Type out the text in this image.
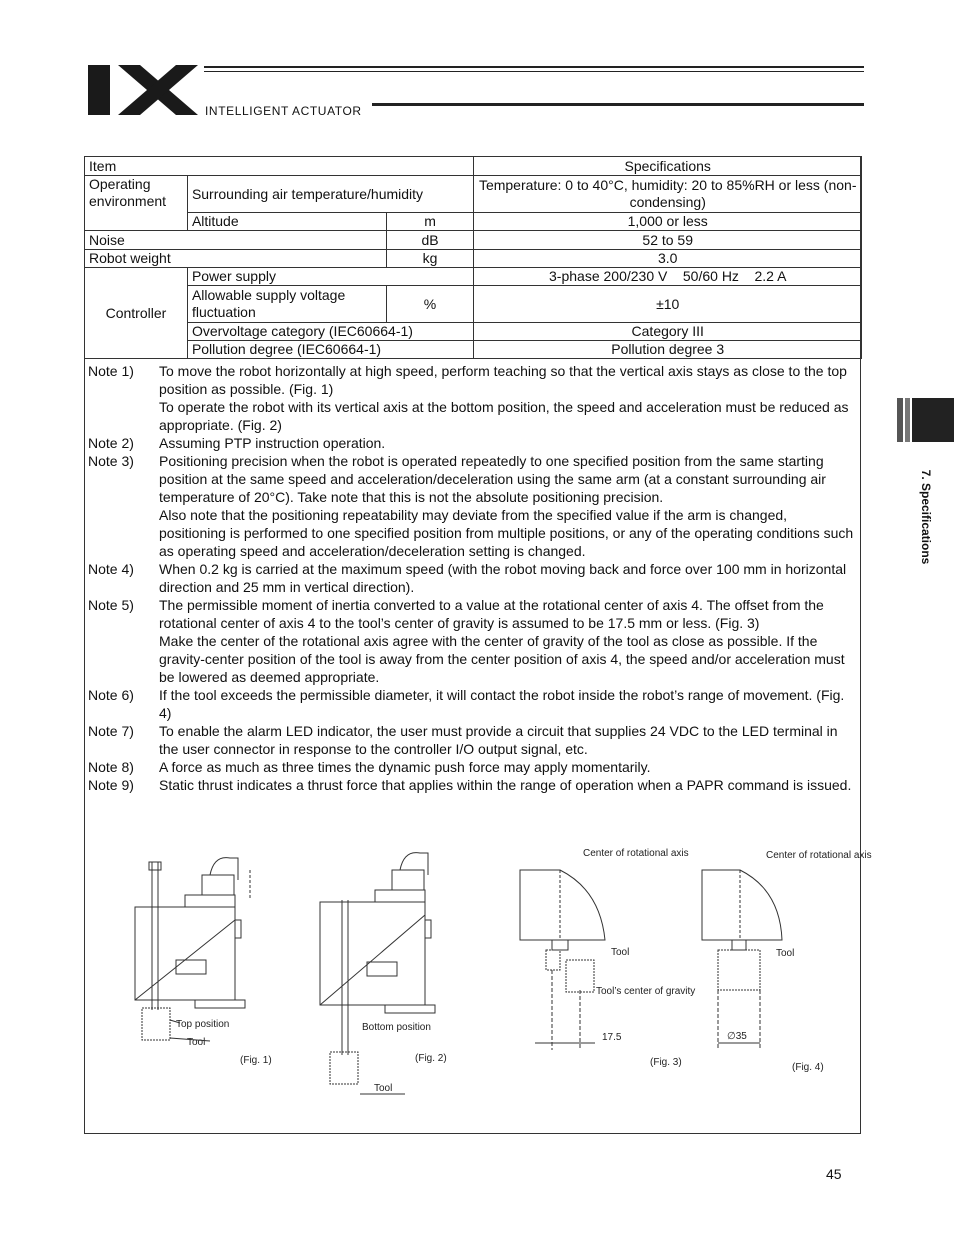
INTELLIGENT ACTUATOR
7. Specifications
Item			Specifications
Operating environment	Surrounding air temperature/humidity		Temperature: 0 to 40°C, humidity: 20 to 85%RH or less (non-condensing)
	Altitude	m	1,000 or less
Noise		dB	52 to 59
Robot weight		kg	3.0
Controller	Power supply		3-phase 200/230 V    50/60 Hz    2.2 A
	Allowable supply voltage fluctuation	%	±10
	Overvoltage category (IEC60664-1)		Category III
	Pollution degree (IEC60664-1)		Pollution degree 3
Note 1)	To move the robot horizontally at high speed, perform teaching so that the vertical axis stays as close to the top position as possible. (Fig. 1)

To operate the robot with its vertical axis at the bottom position, the speed and acceleration must be reduced as appropriate. (Fig. 2)

Note 2)	Assuming PTP instruction operation.

Note 3)	Positioning precision when the robot is operated repeatedly to one specified position from the same starting position at the same speed and acceleration/deceleration using the same arm (at a constant surrounding air temperature of 20°C). Take note that this is not the absolute positioning precision.

Also note that the positioning repeatability may deviate from the specified value if the arm is changed, positioning is performed to one specified position from multiple positions, or any of the operating conditions such as operating speed and acceleration/deceleration setting is changed.

Note 4)	When 0.2 kg is carried at the maximum speed (with the robot moving back and force over 100 mm in horizontal direction and 25 mm in vertical direction).

Note 5)	The permissible moment of inertia converted to a value at the rotational center of axis 4. The offset from the rotational center of axis 4 to the tool’s center of gravity is assumed to be 17.5 mm or less. (Fig. 3)

Make the center of the rotational axis agree with the center of gravity of the tool as close as possible. If the gravity-center position of the tool is away from the center position of axis 4, the speed and/or acceleration must be lowered as deemed appropriate.

Note 6)	If the tool exceeds the permissible diameter, it will contact the robot inside the robot’s range of movement. (Fig. 4)

Note 7)	To enable the alarm LED indicator, the user must provide a circuit that supplies 24 VDC to the LED terminal in the user connector in response to the controller I/O output signal, etc.

Note 8)	A force as much as three times the dynamic push force may apply momentarily.

Note 9)	Static thrust indicates a thrust force that applies within the range of operation when a PAPR command is issued.

Top position
Tool
(Fig. 1)
Bottom position
Tool
(Fig. 2)
Center of rotational axis
Tool
Tool’s center of gravity
17.5
(Fig. 3)
Center of rotational axis
Tool
∅35
(Fig. 4)
45
